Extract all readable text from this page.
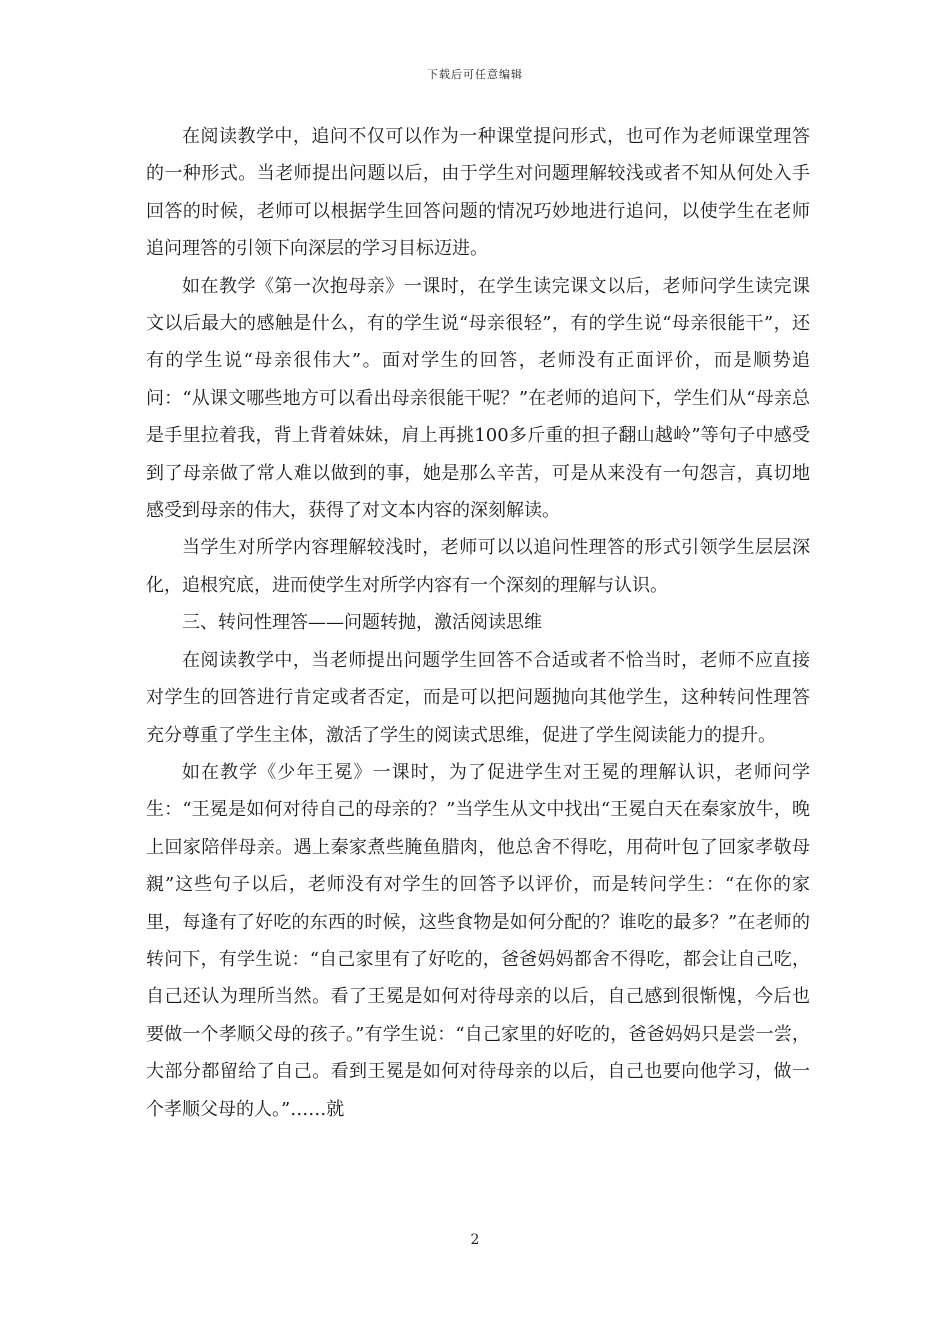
下载后可任意编辑

在阅读教学中，追问不仅可以作为一种课堂提问形式，也可作为老师课堂理答的一种形式。当老师提出问题以后，由于学生对问题理解较浅或者不知从何处入手回答的时候，老师可以根据学生回答问题的情况巧妙地进行追问，以使学生在老师追问理答的引领下向深层的学习目标迈进。

如在教学《第一次抱母亲》一课时，在学生读完课文以后，老师问学生读完课文以后最大的感触是什么，有的学生说“母亲很轻”，有的学生说“母亲很能干”，还有的学生说“母亲很伟大”。面对学生的回答，老师没有正面评价，而是顺势追问：“从课文哪些地方可以看出母亲很能干呢？”在老师的追问下，学生们从“母亲总是手里拉着我，背上背着妹妹，肩上再挑100多斤重的担子翻山越岭”等句子中感受到了母亲做了常人难以做到的事，她是那么辛苦，可是从来没有一句怨言，真切地感受到母亲的伟大，获得了对文本内容的深刻解读。

当学生对所学内容理解较浅时，老师可以以追问性理答的形式引领学生层层深化，追根究底，进而使学生对所学内容有一个深刻的理解与认识。

三、转问性理答——问题转抛，激活阅读思维

在阅读教学中，当老师提出问题学生回答不合适或者不恰当时，老师不应直接对学生的回答进行肯定或者否定，而是可以把问题抛向其他学生，这种转问性理答充分尊重了学生主体，激活了学生的阅读式思维，促进了学生阅读能力的提升。

如在教学《少年王冕》一课时，为了促进学生对王冕的理解认识，老师问学生：“王冕是如何对待自己的母亲的？”当学生从文中找出“王冕白天在秦家放牛，晚上回家陪伴母亲。遇上秦家煮些腌鱼腊肉，他总舍不得吃，用荷叶包了回家孝敬母親”这些句子以后，老师没有对学生的回答予以评价，而是转问学生：“在你的家里，每逢有了好吃的东西的时候，这些食物是如何分配的？谁吃的最多？”在老师的转问下，有学生说：“自己家里有了好吃的，爸爸妈妈都舍不得吃，都会让自己吃，自己还认为理所当然。看了王冕是如何对待母亲的以后，自己感到很惭愧，今后也要做一个孝顺父母的孩子。”有学生说：“自己家里的好吃的，爸爸妈妈只是尝一尝，大部分都留给了自己。看到王冕是如何对待母亲的以后，自己也要向他学习，做一个孝顺父母的人。”……就

2
